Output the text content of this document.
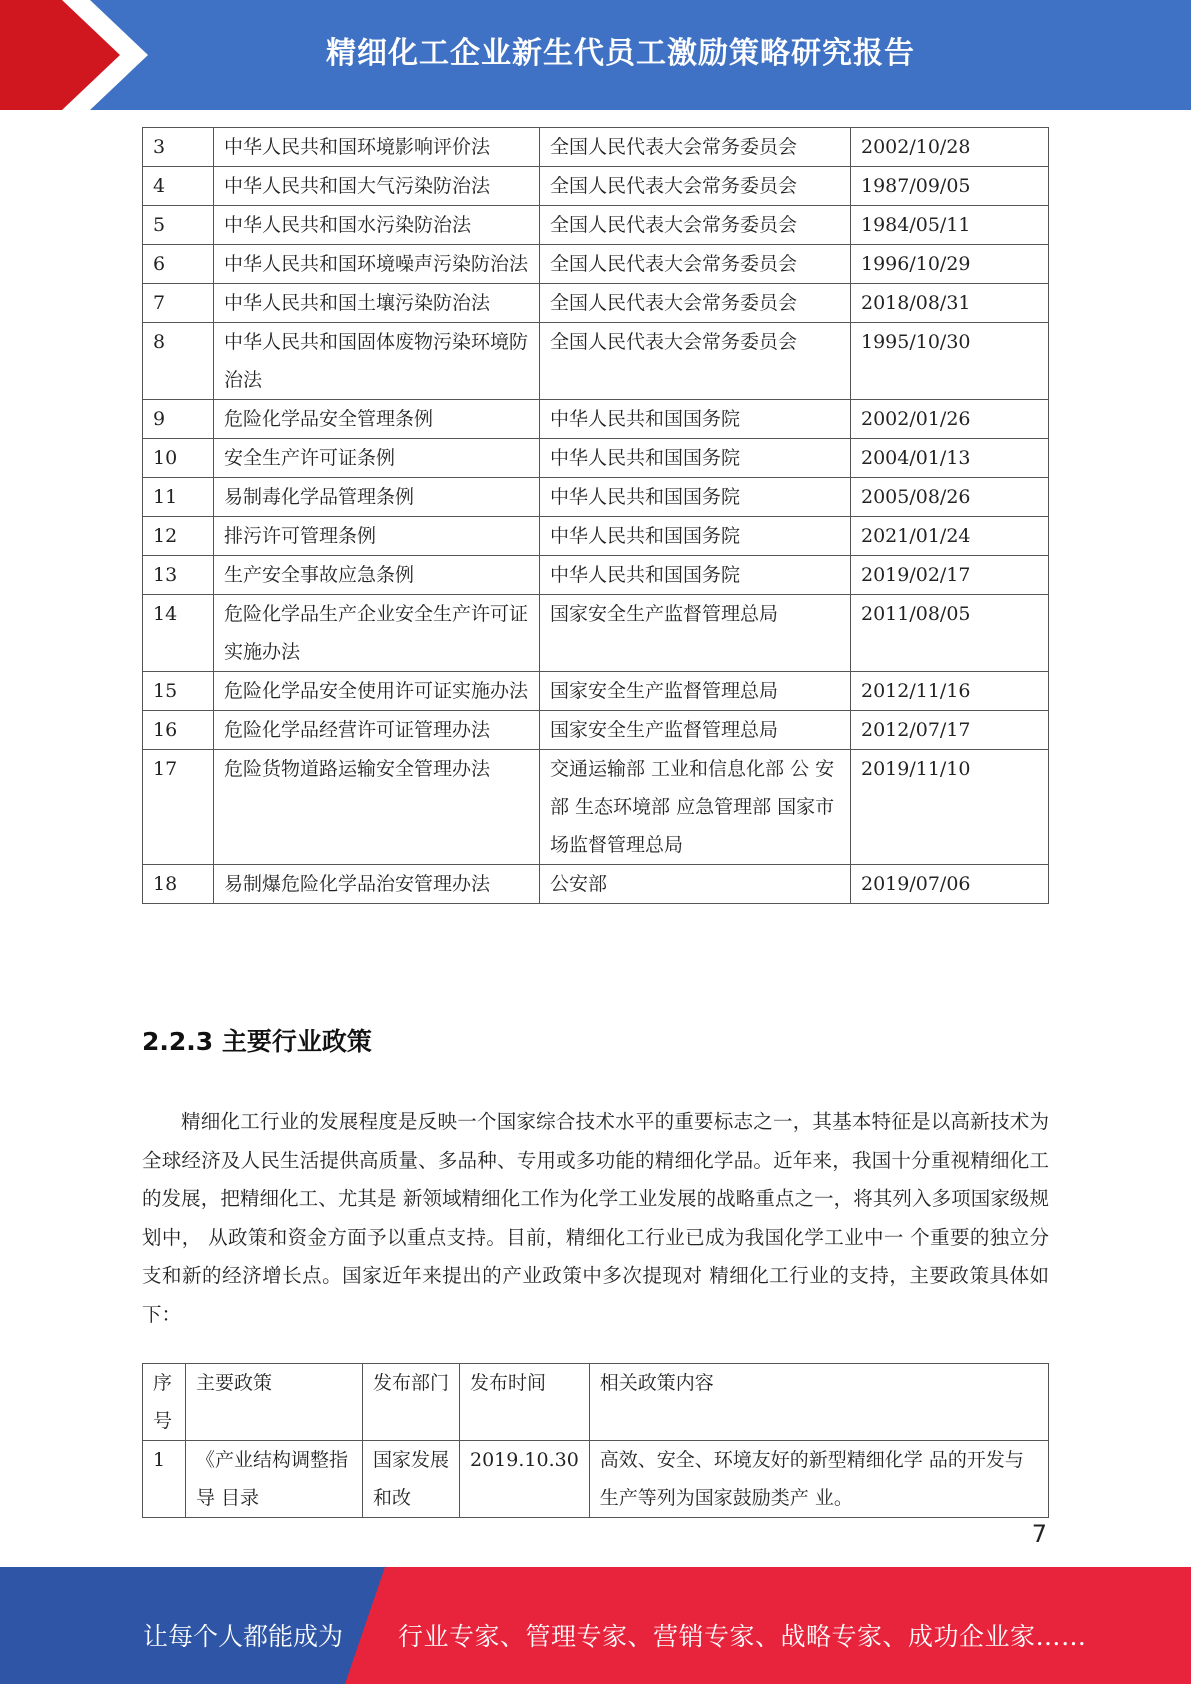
精细化工企业新生代员工激励策略研究报告
3	中华人民共和国环境影响评价法	全国人民代表大会常务委员会	2002/10/28
4	中华人民共和国大气污染防治法	全国人民代表大会常务委员会	1987/09/05
5	中华人民共和国水污染防治法	全国人民代表大会常务委员会	1984/05/11
6	中华人民共和国环境噪声污染防治法	全国人民代表大会常务委员会	1996/10/29
7	中华人民共和国土壤污染防治法	全国人民代表大会常务委员会	2018/08/31
8	中华人民共和国固体废物污染环境防治法	全国人民代表大会常务委员会	1995/10/30
9	危险化学品安全管理条例	中华人民共和国国务院	2002/01/26
10	安全生产许可证条例	中华人民共和国国务院	2004/01/13
11	易制毒化学品管理条例	中华人民共和国国务院	2005/08/26
12	排污许可管理条例	中华人民共和国国务院	2021/01/24
13	生产安全事故应急条例	中华人民共和国国务院	2019/02/17
14	危险化学品生产企业安全生产许可证实施办法	国家安全生产监督管理总局	2011/08/05
15	危险化学品安全使用许可证实施办法	国家安全生产监督管理总局	2012/11/16
16	危险化学品经营许可证管理办法	国家安全生产监督管理总局	2012/07/17
17	危险货物道路运输安全管理办法	交通运输部 工业和信息化部 公 安部 生态环境部 应急管理部 国家市场监督管理总局	2019/11/10
18	易制爆危险化学品治安管理办法	公安部	2019/07/06
2.2.3 主要行业政策
精细化工行业的发展程度是反映一个国家综合技术水平的重要标志之一，其基本特征是以高新技术为全球经济及人民生活提供高质量、多品种、专用或多功能的精细化学品。近年来，我国十分重视精细化工的发展，把精细化工、尤其是 新领域精细化工作为化学工业发展的战略重点之一，将其列入多项国家级规划中， 从政策和资金方面予以重点支持。目前，精细化工行业已成为我国化学工业中一 个重要的独立分支和新的经济增长点。国家近年来提出的产业政策中多次提现对 精细化工行业的支持，主要政策具体如下：
序号	主要政策	发布部门	发布时间	相关政策内容
1	《产业结构调整指导 目录	国家发展 和改	2019.10.30	高效、安全、环境友好的新型精细化学 品的开发与生产等列为国家鼓励类产 业。
7
让每个人都能成为 行业专家、管理专家、营销专家、战略专家、成功企业家……
